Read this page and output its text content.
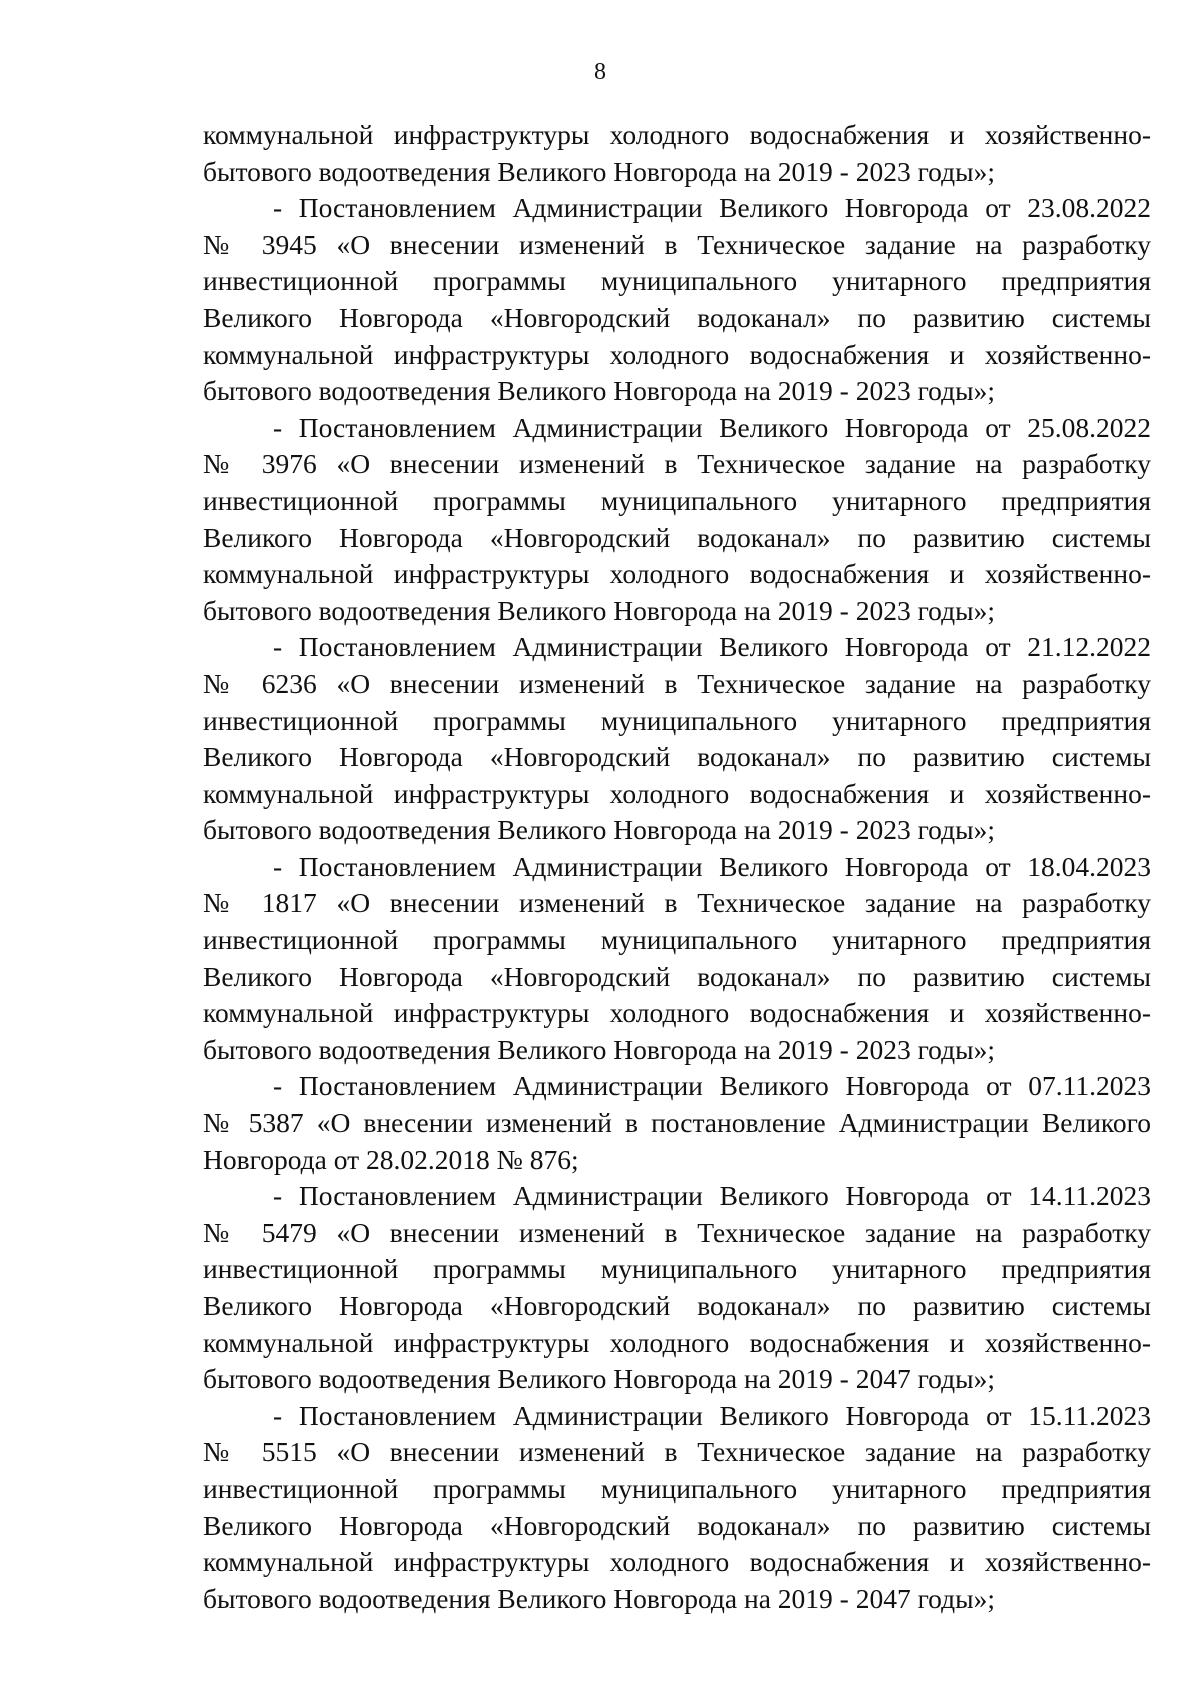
8
коммунальной инфраструктуры холодного водоснабжения и хозяйственно-
бытового водоотведения Великого Новгорода на 2019 - 2023 годы»;
- Постановлением Администрации Великого Новгорода от 23.08.2022
№ 3945 «О внесении изменений в Техническое задание на разработку
инвестиционной программы муниципального унитарного предприятия
Великого Новгорода «Новгородский водоканал» по развитию системы
коммунальной инфраструктуры холодного водоснабжения и хозяйственно-
бытового водоотведения Великого Новгорода на 2019 - 2023 годы»;
- Постановлением Администрации Великого Новгорода от 25.08.2022
№ 3976 «О внесении изменений в Техническое задание на разработку
инвестиционной программы муниципального унитарного предприятия
Великого Новгорода «Новгородский водоканал» по развитию системы
коммунальной инфраструктуры холодного водоснабжения и хозяйственно-
бытового водоотведения Великого Новгорода на 2019 - 2023 годы»;
- Постановлением Администрации Великого Новгорода от 21.12.2022
№ 6236 «О внесении изменений в Техническое задание на разработку
инвестиционной программы муниципального унитарного предприятия
Великого Новгорода «Новгородский водоканал» по развитию системы
коммунальной инфраструктуры холодного водоснабжения и хозяйственно-
бытового водоотведения Великого Новгорода на 2019 - 2023 годы»;
- Постановлением Администрации Великого Новгорода от 18.04.2023
№ 1817 «О внесении изменений в Техническое задание на разработку
инвестиционной программы муниципального унитарного предприятия
Великого Новгорода «Новгородский водоканал» по развитию системы
коммунальной инфраструктуры холодного водоснабжения и хозяйственно-
бытового водоотведения Великого Новгорода на 2019 - 2023 годы»;
- Постановлением Администрации Великого Новгорода от 07.11.2023
№ 5387 «О внесении изменений в постановление Администрации Великого
Новгорода от 28.02.2018 № 876;
- Постановлением Администрации Великого Новгорода от 14.11.2023
№ 5479 «О внесении изменений в Техническое задание на разработку
инвестиционной программы муниципального унитарного предприятия
Великого Новгорода «Новгородский водоканал» по развитию системы
коммунальной инфраструктуры холодного водоснабжения и хозяйственно-
бытового водоотведения Великого Новгорода на 2019 - 2047 годы»;
- Постановлением Администрации Великого Новгорода от 15.11.2023
№ 5515 «О внесении изменений в Техническое задание на разработку
инвестиционной программы муниципального унитарного предприятия
Великого Новгорода «Новгородский водоканал» по развитию системы
коммунальной инфраструктуры холодного водоснабжения и хозяйственно-
бытового водоотведения Великого Новгорода на 2019 - 2047 годы»;
